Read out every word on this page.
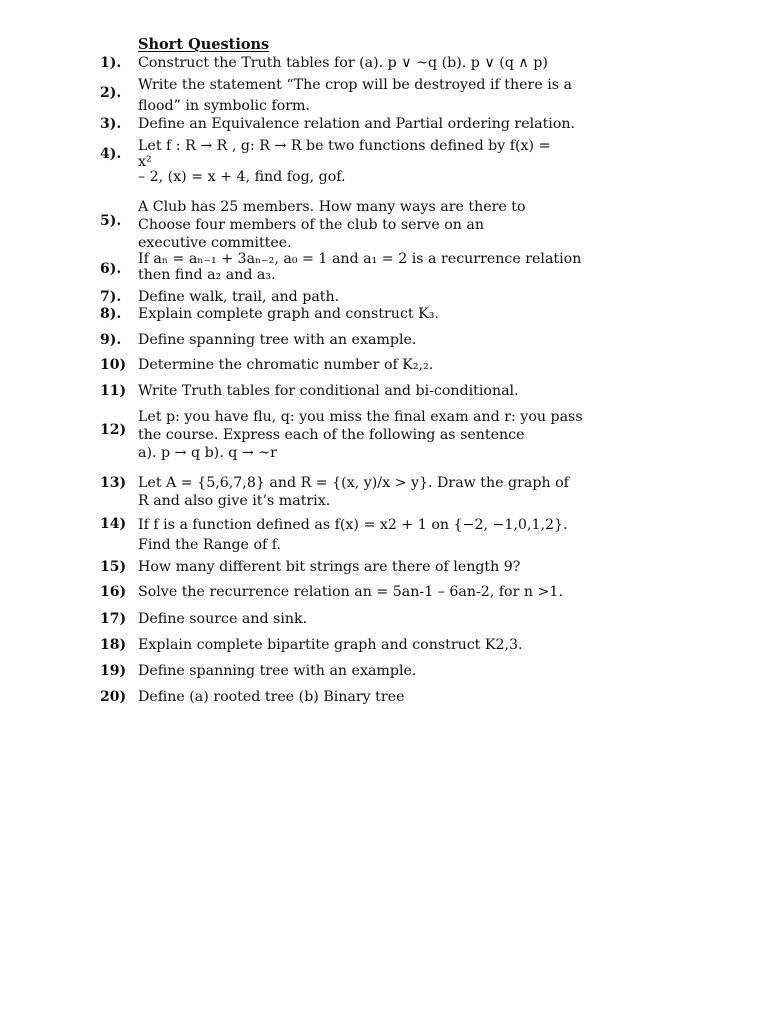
Short Questions
1).	Construct the Truth tables for (a). p ∨ ~q (b). p ∨ (q ∧ p)
2).	Write the statement “The crop will be destroyed if there is a
flood” in symbolic form.
3).	Define an Equivalence relation and Partial ordering relation.
4).	Let f : R → R , g: R → R be two functions defined by f(x) =
x²
– 2, (x) = x + 4, find fog, gof.
5).
A Club has 25 members. How many ways are there to
Choose four members of the club to serve on an
executive committee.
6).
If aₙ = aₙ₋₁ + 3aₙ₋₂, a₀ = 1 and a₁ = 2 is a recurrence relation
then find a₂ and a₃.
7).	Define walk, trail, and path.
8).	Explain complete graph and construct K₃.
9).	Define spanning tree with an example.
10) Determine the chromatic number of K₂,₂.
11) Write Truth tables for conditional and bi-conditional.
12)
Let p: you have flu, q: you miss the final exam and r: you pass
the course. Express each of the following as sentence
a). p → q b). q → ~r
13) Let A = {5,6,7,8} and R = {(x, y)/x > y}. Draw the graph of
R and also give it’s matrix.
14) If f is a function defined as f(x) = x2 + 1 on {−2, −1,0,1,2}.
Find the Range of f.
15) How many different bit strings are there of length 9?
16) Solve the recurrence relation an = 5an-1 – 6an-2, for n >1.
17) Define source and sink.
18) Explain complete bipartite graph and construct K2,3.
19) Define spanning tree with an example.
20) Define (a) rooted tree (b) Binary tree
